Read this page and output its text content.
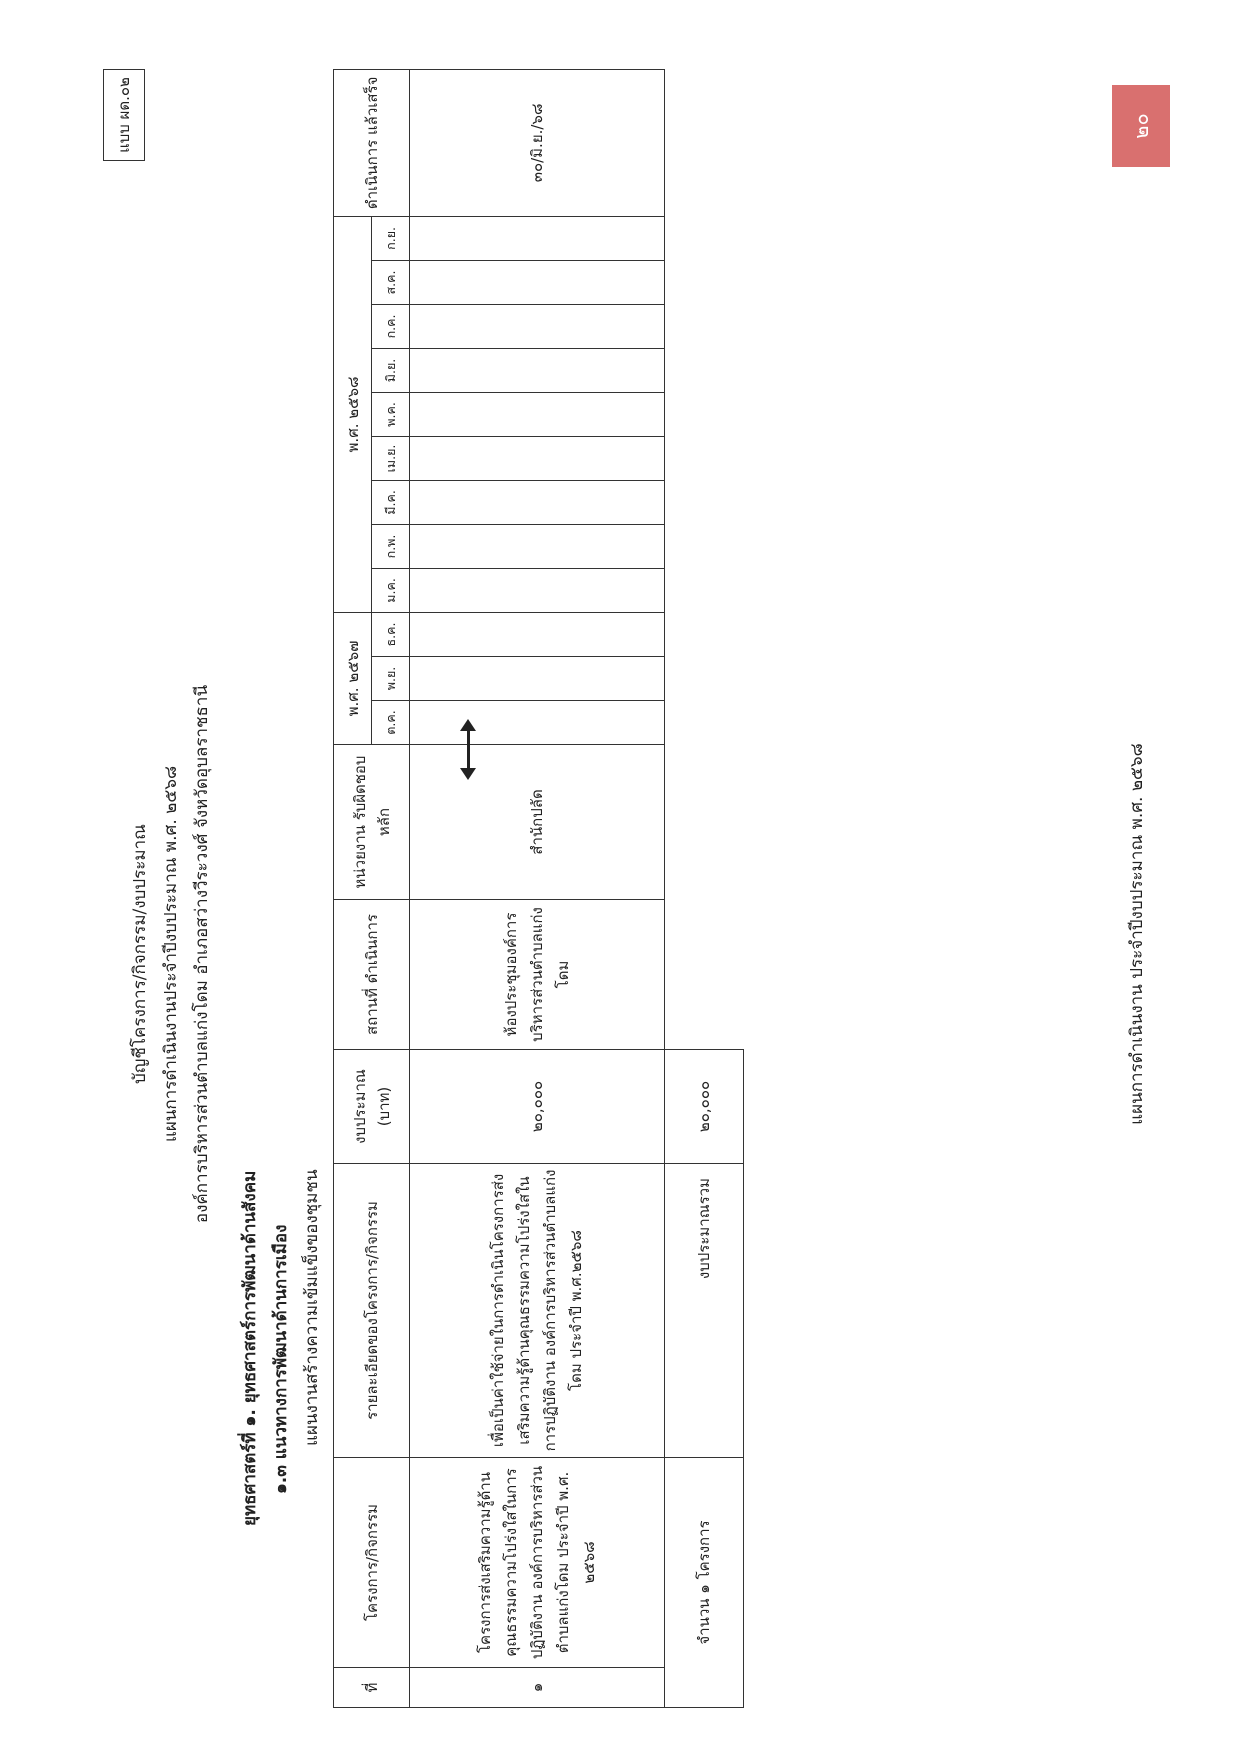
แบบ ผด.๐๒
บัญชีโครงการ/กิจกรรม/งบประมาณ แผนการดำเนินงานประจำปีงบประมาณ พ.ศ. ๒๕๖๘ องค์การบริหารส่วนตำบลแก่งโดม อำเภอสว่างวีระวงศ์ จังหวัดอุบลราชธานี
ยุทธศาสตร์ที่ ๑. ยุทธศาสตร์การพัฒนาด้านสังคม ๑.๓ แนวทางการพัฒนาด้านการเมือง แผนงานสร้างความเข้มแข็งของชุมชน
ที่	โครงการ/กิจกรรม	รายละเอียดของโครงการ/กิจกรรม	งบประมาณ (บาท)	สถานที่ ดำเนินการ	หน่วยงาน รับผิดชอบหลัก	พ.ศ. ๒๕๖๗			พ.ศ. ๒๕๖๘									ดำเนินการ แล้วเสร็จ
						ต.ค.	พ.ย.	ธ.ค.	ม.ค.	ก.พ.	มี.ค.	เม.ย.	พ.ค.	มิ.ย.	ก.ค.	ส.ค.	ก.ย.	
๑	โครงการส่งเสริมความรู้ด้านคุณธรรมความโปร่งใสในการปฏิบัติงาน องค์การบริหารส่วนตำบลแก่งโดม ประจำปี พ.ศ. ๒๕๖๘	เพื่อเป็นค่าใช้จ่ายในการดำเนินโครงการส่งเสริมความรู้ด้านคุณธรรมความโปร่งใสในการปฏิบัติงาน องค์การบริหารส่วนตำบลแก่งโดม ประจำปี พ.ศ.๒๕๖๘	๒๐,๐๐๐	ห้องประชุมองค์การบริหารส่วนตำบลแก่งโดม	สำนักปลัด													๓๐/มิ.ย./๖๘
จำนวน ๑ โครงการ		งบประมาณรวม	๒๐,๐๐๐																แผนการดำเนินงาน ประจำปีงบประมาณ พ.ศ. ๒๕๖๘
๒๐
